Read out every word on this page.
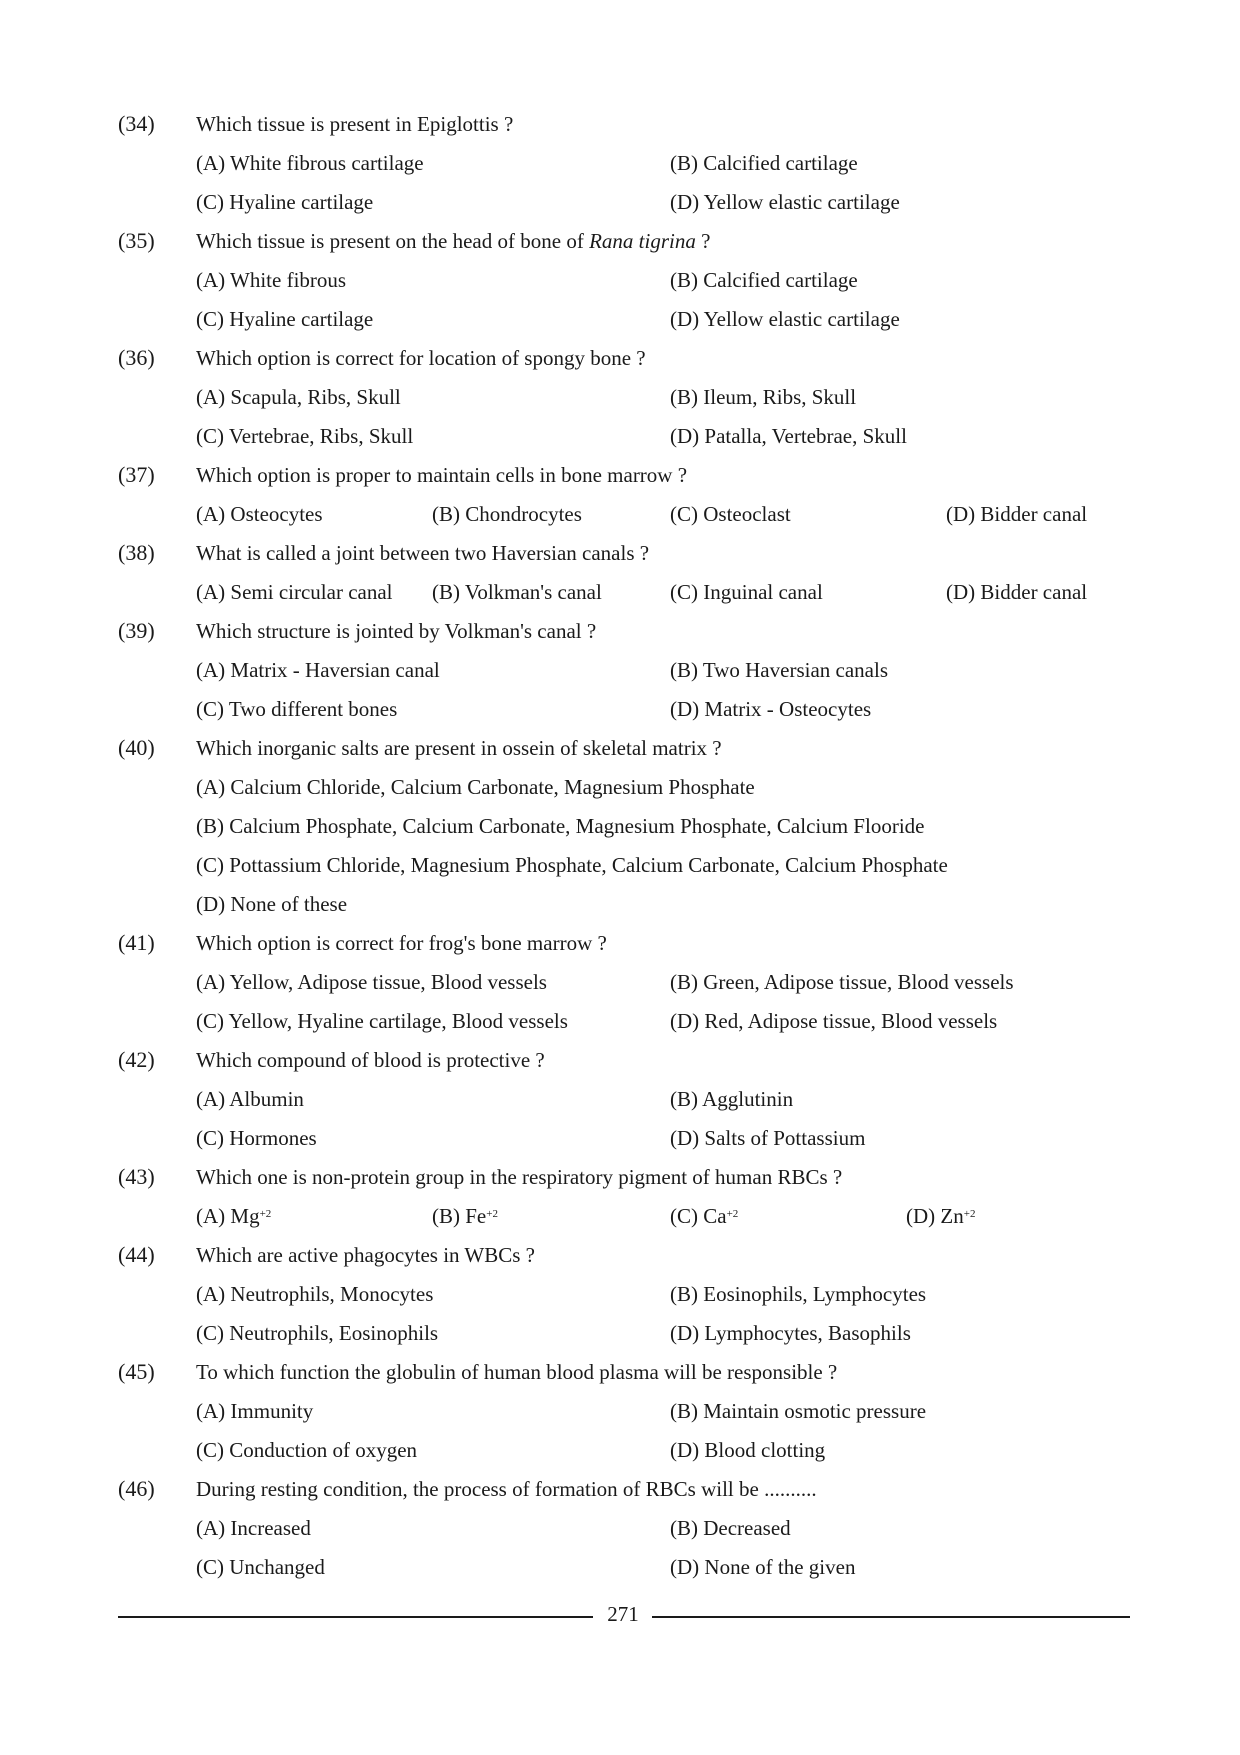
(34) Which tissue is present in Epiglottis ?
(A) White fibrous cartilage	(B) Calcified cartilage
(C) Hyaline cartilage	(D) Yellow elastic cartilage
(35) Which tissue is present on the head of bone of Rana tigrina ?
(A) White fibrous	(B) Calcified cartilage
(C) Hyaline cartilage	(D) Yellow elastic cartilage
(36) Which option is correct for location of spongy bone ?
(A) Scapula, Ribs, Skull	(B) Ileum, Ribs, Skull
(C) Vertebrae, Ribs, Skull	(D) Patalla, Vertebrae, Skull
(37) Which option is proper to maintain cells in bone marrow ?
(A) Osteocytes	(B) Chondrocytes	(C) Osteoclast	(D) Bidder canal
(38) What is called a joint between two Haversian canals ?
(A) Semi circular canal (B) Volkman's canal	(C) Inguinal canal	(D) Bidder canal
(39) Which structure is jointed by Volkman's canal ?
(A) Matrix - Haversian canal	(B) Two Haversian canals
(C) Two different bones	(D) Matrix - Osteocytes
(40) Which inorganic salts are present in ossein of skeletal matrix ?
(A) Calcium Chloride, Calcium Carbonate, Magnesium Phosphate
(B) Calcium Phosphate, Calcium Carbonate, Magnesium Phosphate, Calcium Flooride
(C) Pottassium Chloride, Magnesium Phosphate, Calcium Carbonate, Calcium Phosphate
(D) None of these
(41) Which option is correct for frog's bone marrow ?
(A) Yellow, Adipose tissue, Blood vessels	(B) Green, Adipose tissue, Blood vessels
(C) Yellow, Hyaline cartilage, Blood vessels	(D) Red, Adipose tissue, Blood vessels
(42) Which compound of blood is protective ?
(A) Albumin	(B) Agglutinin
(C) Hormones	(D) Salts of Pottassium
(43) Which one is non-protein group in the respiratory pigment of human RBCs ?
(A) $Mg^{+2}$	(B) $Fe^{+2}$	(C) $Ca^{+2}$	(D) $Zn^{+2}$
(44) Which are active phagocytes in WBCs ?
(A) Neutrophils, Monocytes	(B) Eosinophils, Lymphocytes
(C) Neutrophils, Eosinophils	(D) Lymphocytes, Basophils
(45) To which function the globulin of human blood plasma will be responsible ?
(A) Immunity	(B) Maintain osmotic pressure
(C) Conduction of oxygen	(D) Blood clotting
(46) During resting condition, the process of formation of RBCs will be ..........
(A) Increased	(B) Decreased
(C) Unchanged	(D) None of the given
271
